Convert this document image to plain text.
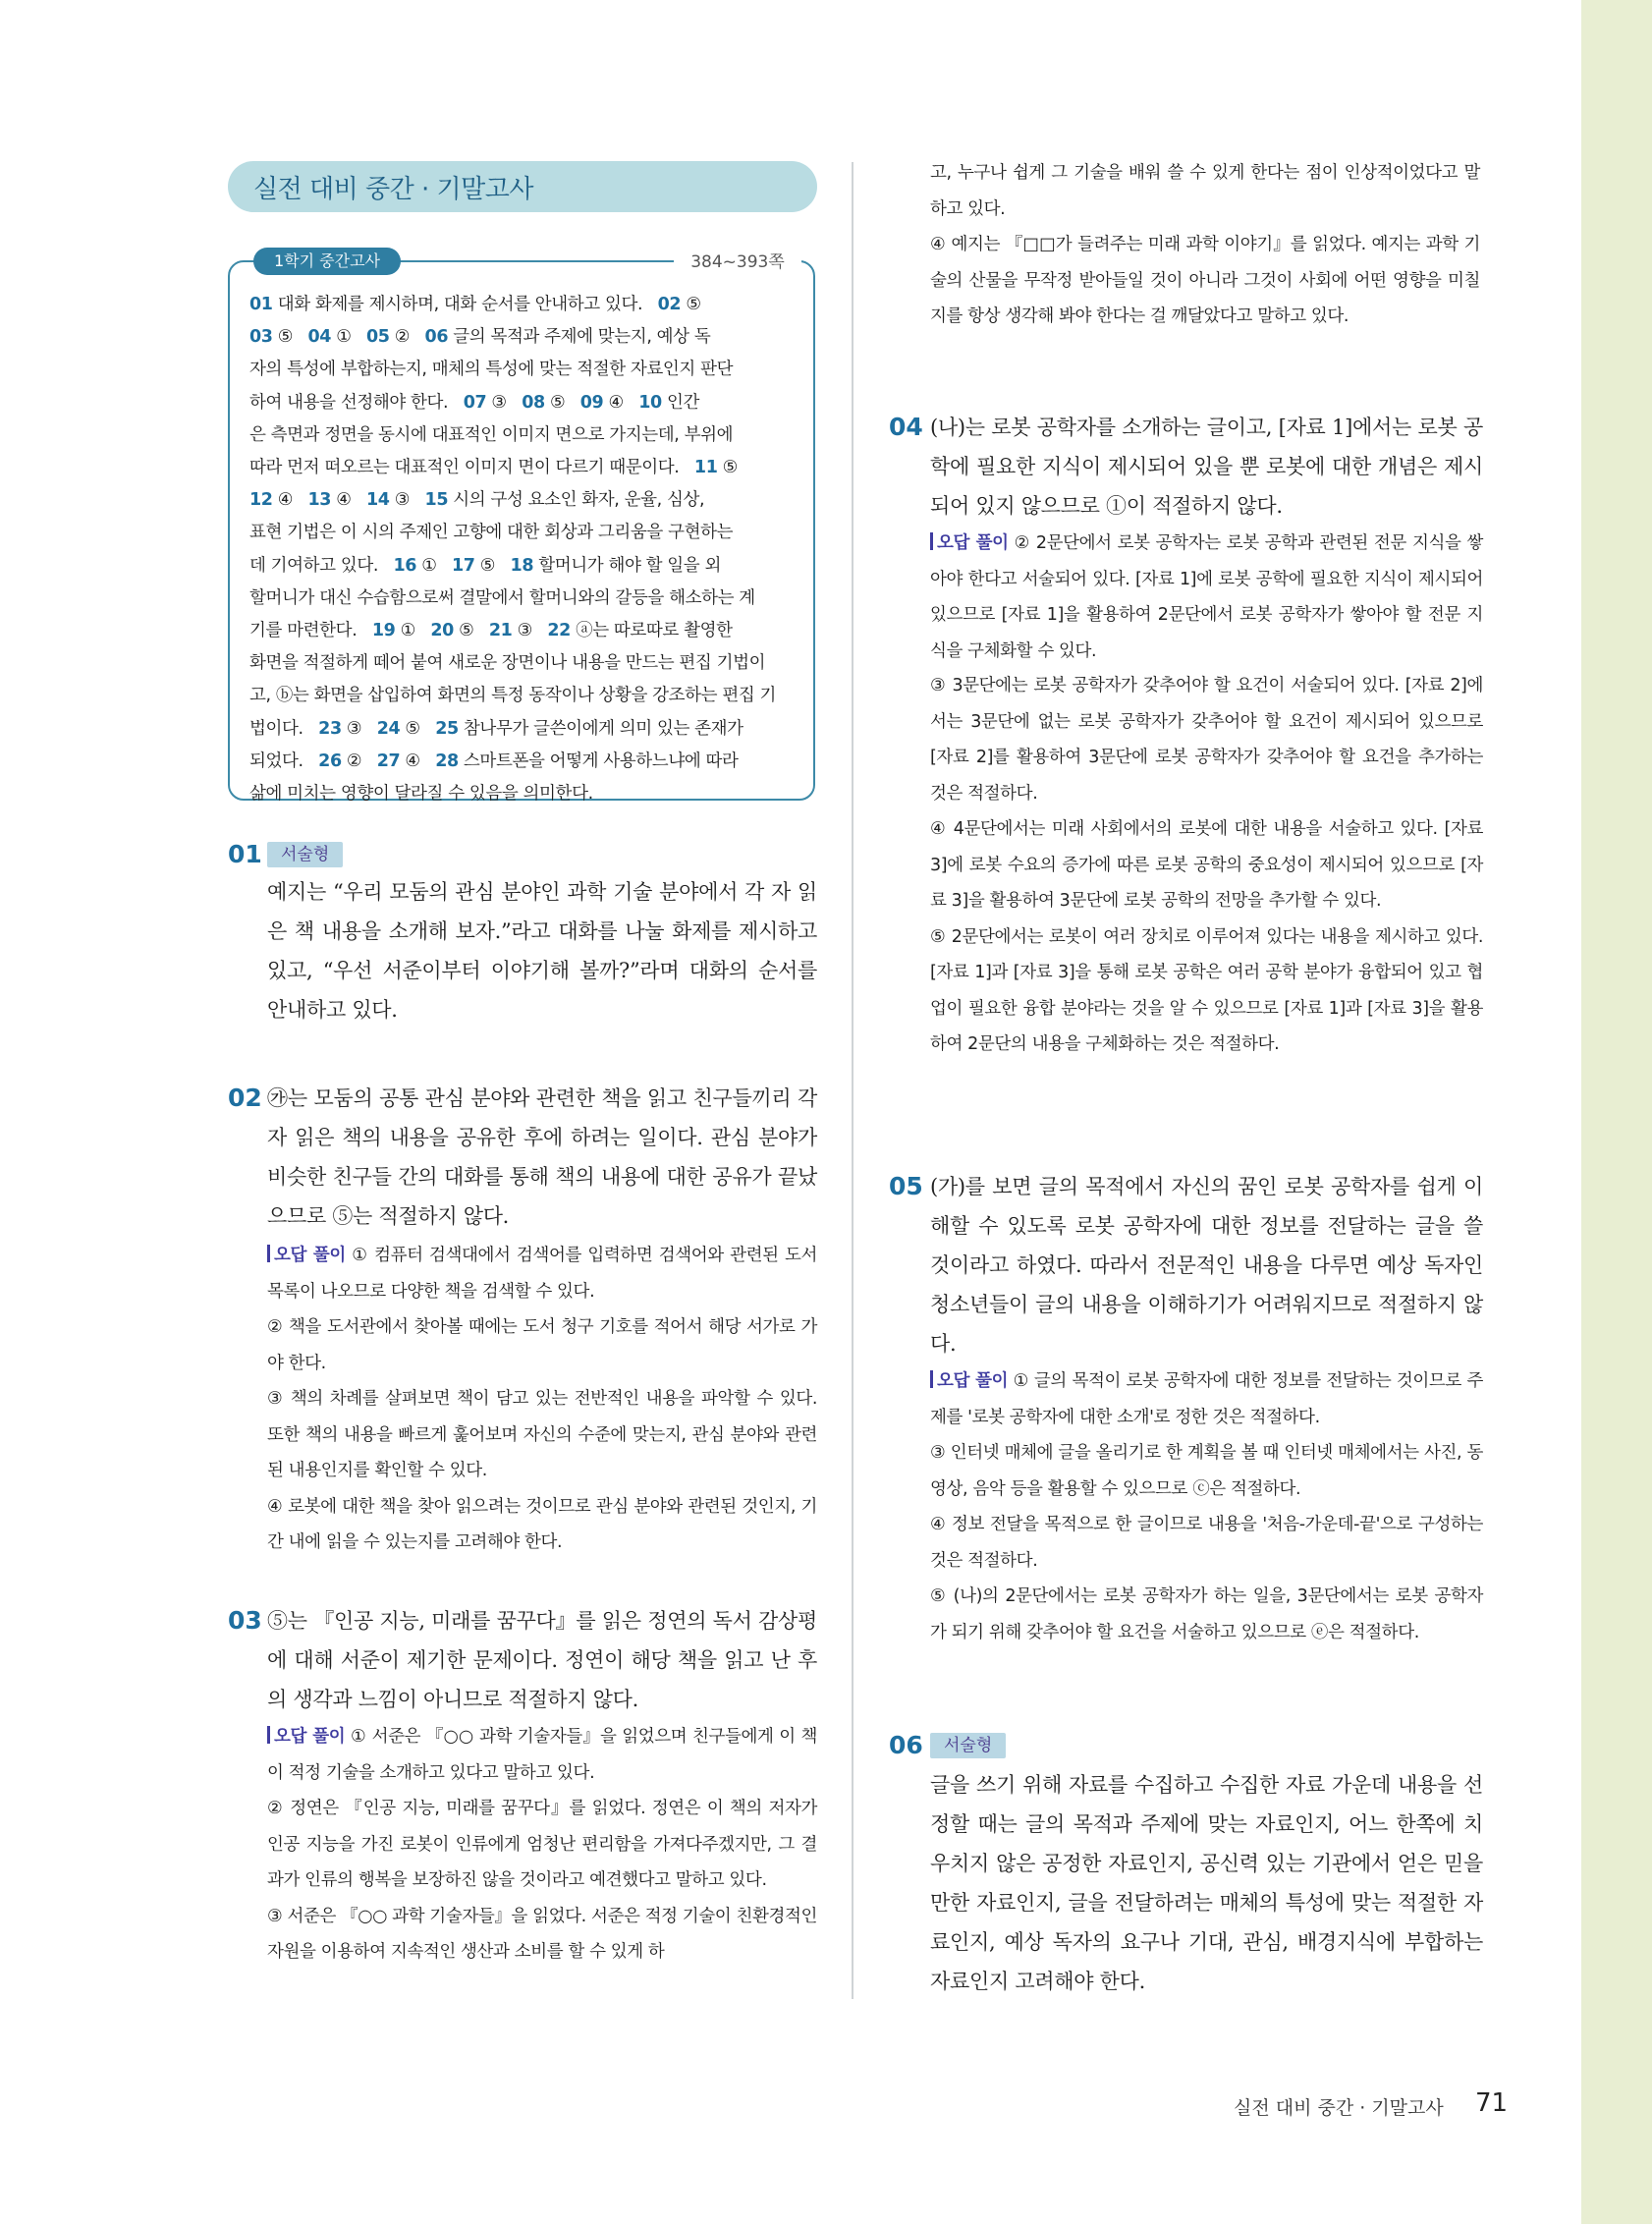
실전 대비 중간 · 기말고사
1학기 중간고사	384~393쪽
01 대화 화제를 제시하며, 대화 순서를 안내하고 있다.   02 ⑤
03 ⑤   04 ①   05 ②   06 글의 목적과 주제에 맞는지, 예상 독
자의 특성에 부합하는지, 매체의 특성에 맞는 적절한 자료인지 판단
하여 내용을 선정해야 한다.   07 ③   08 ⑤   09 ④   10 인간
은 측면과 정면을 동시에 대표적인 이미지 면으로 가지는데, 부위에
따라 먼저 떠오르는 대표적인 이미지 면이 다르기 때문이다.   11 ⑤
12 ④   13 ④   14 ③   15 시의 구성 요소인 화자, 운율, 심상,
표현 기법은 이 시의 주제인 고향에 대한 회상과 그리움을 구현하는
데 기여하고 있다.   16 ①   17 ⑤   18 할머니가 해야 할 일을 외
할머니가 대신 수습함으로써 결말에서 할머니와의 갈등을 해소하는 계
기를 마련한다.   19 ①   20 ⑤   21 ③   22 ⓐ는 따로따로 촬영한
화면을 적절하게 떼어 붙여 새로운 장면이나 내용을 만드는 편집 기법이
고, ⓑ는 화면을 삽입하여 화면의 특정 동작이나 상황을 강조하는 편집 기
법이다.   23 ③   24 ⑤   25 참나무가 글쓴이에게 의미 있는 존재가
되었다.   26 ②   27 ④   28 스마트폰을 어떻게 사용하느냐에 따라
삶에 미치는 영향이 달라질 수 있음을 의미한다.
01	서술형
예지는 “우리 모둠의 관심 분야인 과학 기술 분야에서 각 자 읽은 책 내용을 소개해 보자.”라고 대화를 나눌 화제를 제시하고 있고, “우선 서준이부터 이야기해 볼까?”라며 대화의 순서를 안내하고 있다.
02 ㉮는 모둠의 공통 관심 분야와 관련한 책을 읽고 친구들끼리 각자 읽은 책의 내용을 공유한 후에 하려는 일이다. 관심 분야가 비슷한 친구들 간의 대화를 통해 책의 내용에 대한 공유가 끝났으므로 ⑤는 적절하지 않다.
오답 풀이 ① 컴퓨터 검색대에서 검색어를 입력하면 검색어와 관련된 도서 목록이 나오므로 다양한 책을 검색할 수 있다.
② 책을 도서관에서 찾아볼 때에는 도서 청구 기호를 적어서 해당 서가로 가야 한다.
③ 책의 차례를 살펴보면 책이 담고 있는 전반적인 내용을 파악할 수 있다. 또한 책의 내용을 빠르게 훑어보며 자신의 수준에 맞는지, 관심 분야와 관련된 내용인지를 확인할 수 있다.
④ 로봇에 대한 책을 찾아 읽으려는 것이므로 관심 분야와 관련된 것인지, 기간 내에 읽을 수 있는지를 고려해야 한다.
03 ⑤는 『인공 지능, 미래를 꿈꾸다』를 읽은 정연의 독서 감상평에 대해 서준이 제기한 문제이다. 정연이 해당 책을 읽고 난 후의 생각과 느낌이 아니므로 적절하지 않다.
오답 풀이 ① 서준은 『○○ 과학 기술자들』을 읽었으며 친구들에게 이 책이 적정 기술을 소개하고 있다고 말하고 있다.
② 정연은 『인공 지능, 미래를 꿈꾸다』를 읽었다. 정연은 이 책의 저자가 인공 지능을 가진 로봇이 인류에게 엄청난 편리함을 가져다주겠지만, 그 결과가 인류의 행복을 보장하진 않을 것이라고 예견했다고 말하고 있다.
③ 서준은 『○○ 과학 기술자들』을 읽었다. 서준은 적정 기술이 친환경적인 자원을 이용하여 지속적인 생산과 소비를 할 수 있게 하
고, 누구나 쉽게 그 기술을 배워 쓸 수 있게 한다는 점이 인상적이었다고 말하고 있다.
④ 예지는 『□□가 들려주는 미래 과학 이야기』를 읽었다. 예지는 과학 기술의 산물을 무작정 받아들일 것이 아니라 그것이 사회에 어떤 영향을 미칠지를 항상 생각해 봐야 한다는 걸 깨달았다고 말하고 있다.
04 (나)는 로봇 공학자를 소개하는 글이고, [자료 1]에서는 로봇 공학에 필요한 지식이 제시되어 있을 뿐 로봇에 대한 개념은 제시되어 있지 않으므로 ①이 적절하지 않다.
오답 풀이 ② 2문단에서 로봇 공학자는 로봇 공학과 관련된 전문 지식을 쌓아야 한다고 서술되어 있다. [자료 1]에 로봇 공학에 필요한 지식이 제시되어 있으므로 [자료 1]을 활용하여 2문단에서 로봇 공학자가 쌓아야 할 전문 지식을 구체화할 수 있다.
③ 3문단에는 로봇 공학자가 갖추어야 할 요건이 서술되어 있다. [자료 2]에서는 3문단에 없는 로봇 공학자가 갖추어야 할 요건이 제시되어 있으므로 [자료 2]를 활용하여 3문단에 로봇 공학자가 갖추어야 할 요건을 추가하는 것은 적절하다.
④ 4문단에서는 미래 사회에서의 로봇에 대한 내용을 서술하고 있다. [자료 3]에 로봇 수요의 증가에 따른 로봇 공학의 중요성이 제시되어 있으므로 [자료 3]을 활용하여 3문단에 로봇 공학의 전망을 추가할 수 있다.
⑤ 2문단에서는 로봇이 여러 장치로 이루어져 있다는 내용을 제시하고 있다. [자료 1]과 [자료 3]을 통해 로봇 공학은 여러 공학 분야가 융합되어 있고 협업이 필요한 융합 분야라는 것을 알 수 있으므로 [자료 1]과 [자료 3]을 활용하여 2문단의 내용을 구체화하는 것은 적절하다.
05 (가)를 보면 글의 목적에서 자신의 꿈인 로봇 공학자를 쉽게 이해할 수 있도록 로봇 공학자에 대한 정보를 전달하는 글을 쓸 것이라고 하였다. 따라서 전문적인 내용을 다루면 예상 독자인 청소년들이 글의 내용을 이해하기가 어려워지므로 적절하지 않다.
오답 풀이 ① 글의 목적이 로봇 공학자에 대한 정보를 전달하는 것이므로 주제를 '로봇 공학자에 대한 소개'로 정한 것은 적절하다.
③ 인터넷 매체에 글을 올리기로 한 계획을 볼 때 인터넷 매체에서는 사진, 동영상, 음악 등을 활용할 수 있으므로 ⓒ은 적절하다.
④ 정보 전달을 목적으로 한 글이므로 내용을 '처음-가운데-끝'으로 구성하는 것은 적절하다.
⑤ (나)의 2문단에서는 로봇 공학자가 하는 일을, 3문단에서는 로봇 공학자가 되기 위해 갖추어야 할 요건을 서술하고 있으므로 ⓔ은 적절하다.
06	서술형
글을 쓰기 위해 자료를 수집하고 수집한 자료 가운데 내용을 선정할 때는 글의 목적과 주제에 맞는 자료인지, 어느 한쪽에 치우치지 않은 공정한 자료인지, 공신력 있는 기관에서 얻은 믿을 만한 자료인지, 글을 전달하려는 매체의 특성에 맞는 적절한 자료인지, 예상 독자의 요구나 기대, 관심, 배경지식에 부합하는 자료인지 고려해야 한다.
실전 대비 중간 · 기말고사 71
